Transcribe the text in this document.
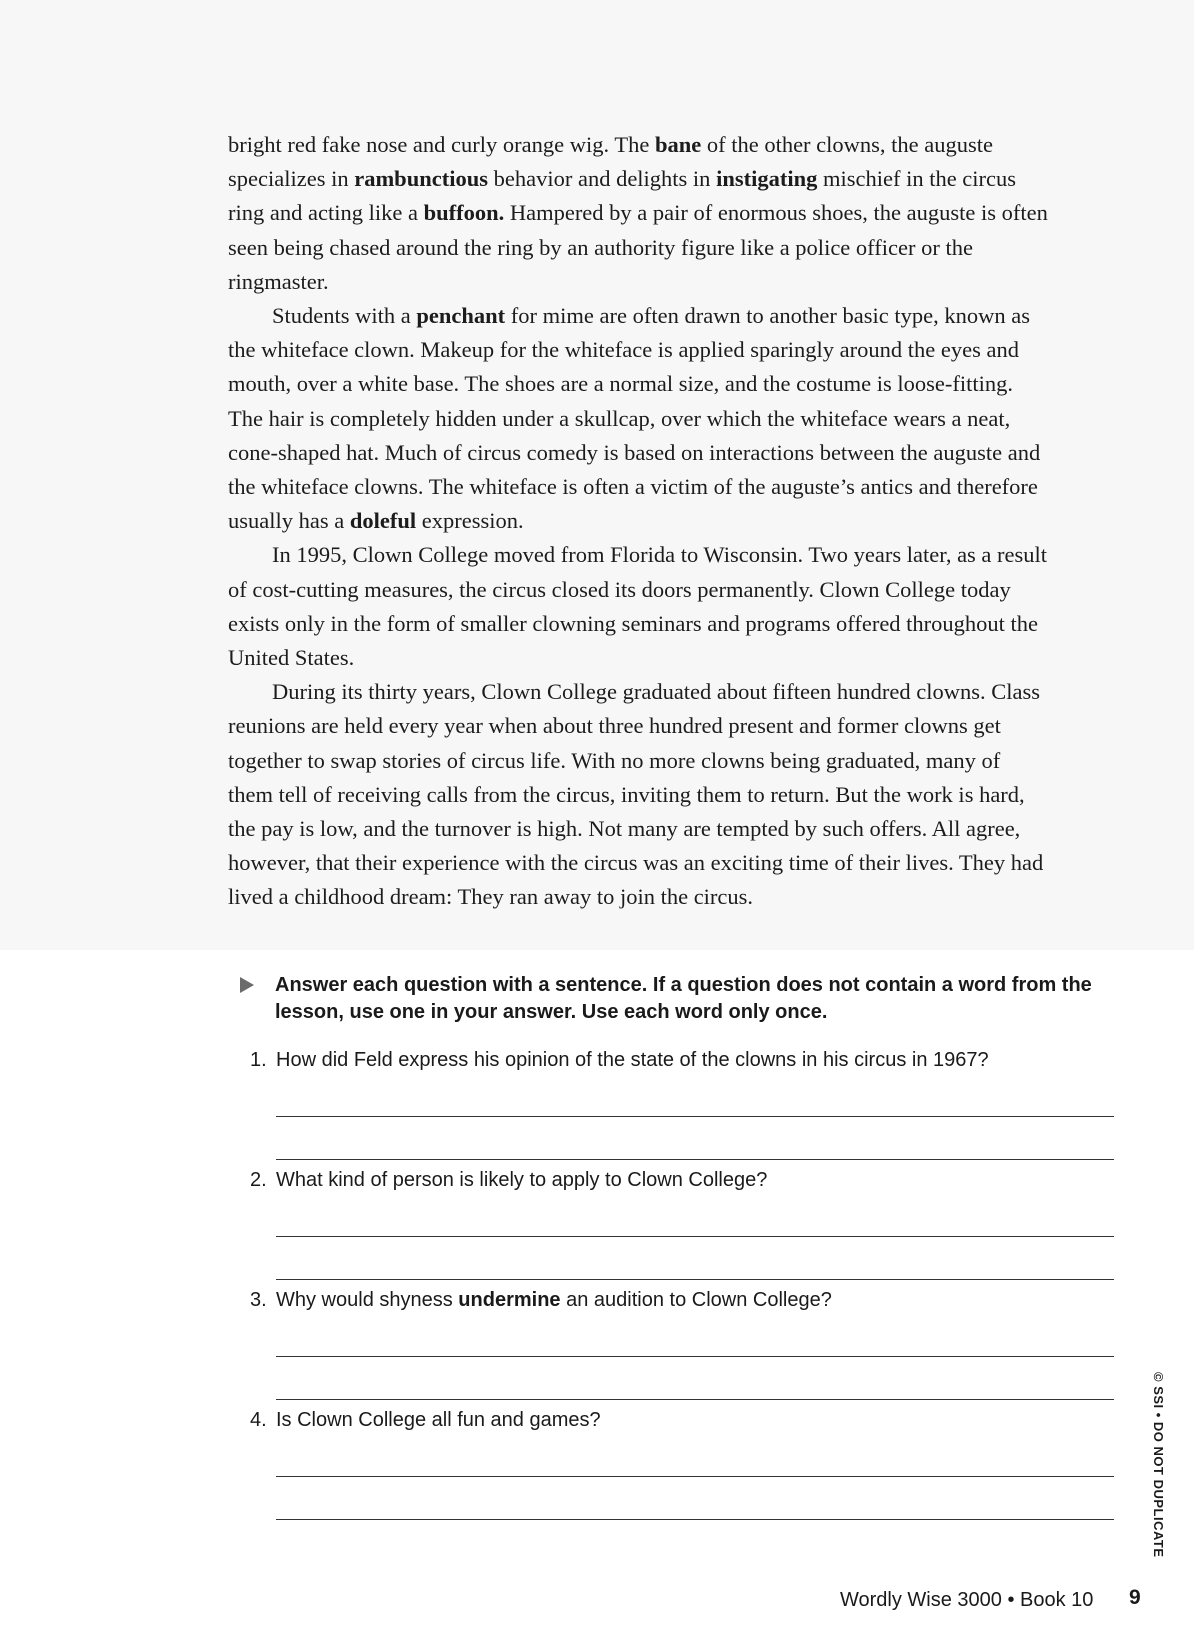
bright red fake nose and curly orange wig. The bane of the other clowns, the auguste specializes in rambunctious behavior and delights in instigating mischief in the circus ring and acting like a buffoon. Hampered by a pair of enormous shoes, the auguste is often seen being chased around the ring by an authority figure like a police officer or the ringmaster.

Students with a penchant for mime are often drawn to another basic type, known as the whiteface clown. Makeup for the whiteface is applied sparingly around the eyes and mouth, over a white base. The shoes are a normal size, and the costume is loose-fitting. The hair is completely hidden under a skullcap, over which the whiteface wears a neat, cone-shaped hat. Much of circus comedy is based on interactions between the auguste and the whiteface clowns. The whiteface is often a victim of the auguste’s antics and therefore usually has a doleful expression.

In 1995, Clown College moved from Florida to Wisconsin. Two years later, as a result of cost-cutting measures, the circus closed its doors permanently. Clown College today exists only in the form of smaller clowning seminars and programs offered throughout the United States.

During its thirty years, Clown College graduated about fifteen hundred clowns. Class reunions are held every year when about three hundred present and former clowns get together to swap stories of circus life. With no more clowns being graduated, many of them tell of receiving calls from the circus, inviting them to return. But the work is hard, the pay is low, and the turnover is high. Not many are tempted by such offers. All agree, however, that their experience with the circus was an exciting time of their lives. They had lived a childhood dream: They ran away to join the circus.

Answer each question with a sentence. If a question does not contain a word from the lesson, use one in your answer. Use each word only once.
1. How did Feld express his opinion of the state of the clowns in his circus in 1967?
2. What kind of person is likely to apply to Clown College?
3. Why would shyness undermine an audition to Clown College?
4. Is Clown College all fun and games?	© SSI • DO NOT DUPLICATE
Wordly Wise 3000 • Book 10 9
